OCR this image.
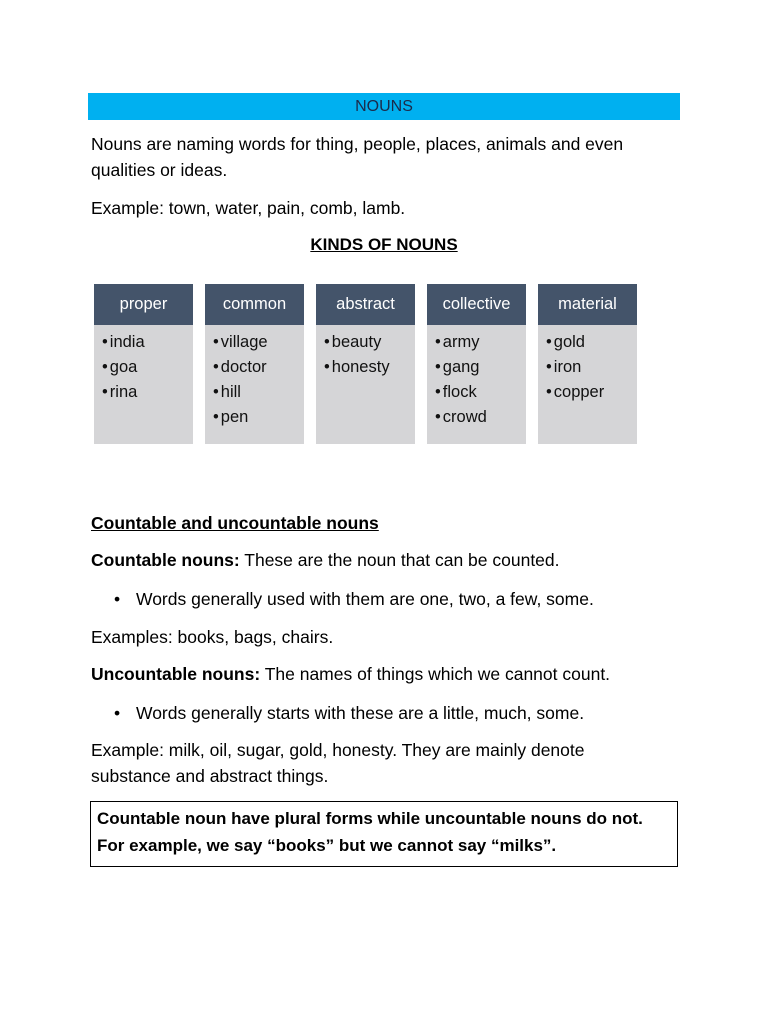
NOUNS

Nouns are naming words for thing, people, places, animals and even qualities or ideas.

Example: town, water, pain, comb, lamb.

KINDS OF NOUNS

proper
• india
• goa
• rina
common
• village
• doctor
• hill
• pen
abstract
• beauty
• honesty
collective
• army
• gang
• flock
• crowd
material
• gold
• iron
• copper

Countable and uncountable nouns

Countable nouns: These are the noun that can be counted.

• Words generally used with them are one, two, a few, some.

Examples: books, bags, chairs.

Uncountable nouns: The names of things which we cannot count.

• Words generally starts with these are a little, much, some.

Example: milk, oil, sugar, gold, honesty. They are mainly denote substance and abstract things.

Countable noun have plural forms while uncountable nouns do not. For example, we say “books” but we cannot say “milks”.
